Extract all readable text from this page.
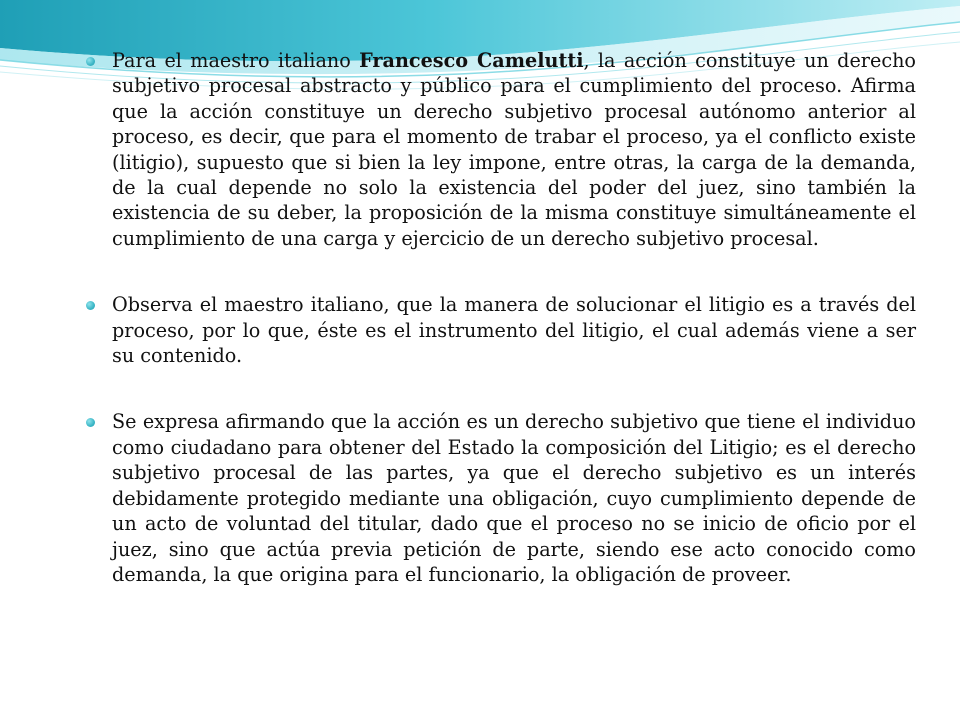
Para el maestro italiano Francesco Camelutti, la acción constituye un derecho subjetivo procesal abstracto y público para el cumplimiento del proceso. Afirma que la acción constituye un derecho subjetivo procesal autónomo anterior al proceso, es decir, que para el momento de trabar el proceso, ya el conflicto existe (litigio), supuesto que si bien la ley impone, entre otras, la carga de la demanda, de la cual depende no solo la existencia del poder del juez, sino también la existencia de su deber, la proposición de la misma constituye simultáneamente el cumplimiento de una carga y ejercicio de un derecho subjetivo procesal.

Observa el maestro italiano, que la manera de solucionar el litigio es a través del proceso, por lo que, éste es el instrumento del litigio, el cual además viene a ser su contenido.

Se expresa afirmando que la acción es un derecho subjetivo que tiene el individuo como ciudadano para obtener del Estado la composición del Litigio; es el derecho subjetivo procesal de las partes, ya que el derecho subjetivo es un interés debidamente protegido mediante una obligación, cuyo cumplimiento depende de un acto de voluntad del titular, dado que el proceso no se inicio de oficio por el juez, sino que actúa previa petición de parte, siendo ese acto conocido como demanda, la que origina para el funcionario, la obligación de proveer.
